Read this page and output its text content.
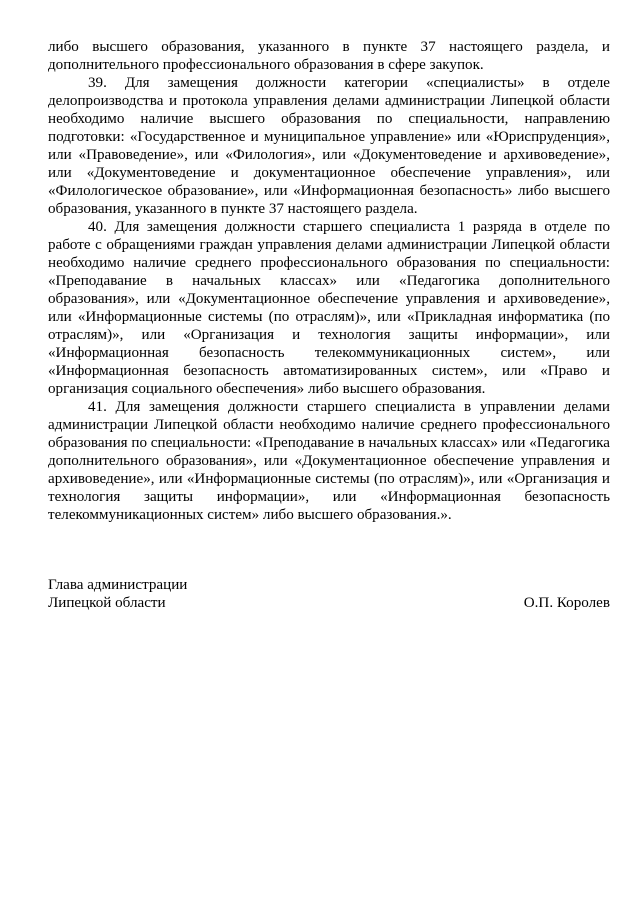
либо высшего образования, указанного в пункте 37 настоящего раздела, и дополнительного профессионального образования в сфере закупок.

39. Для замещения должности категории «специалисты» в отделе делопроизводства и протокола управления делами администрации Липецкой области необходимо наличие высшего образования по специальности, направлению подготовки: «Государственное и муниципальное управление» или «Юриспруденция», или «Правоведение», или «Филология», или «Документоведение и архивоведение», или «Документоведение и документационное обеспечение управления», или «Филологическое образование», или «Информационная безопасность» либо высшего образования, указанного в пункте 37 настоящего раздела.

40. Для замещения должности старшего специалиста 1 разряда в отделе по работе с обращениями граждан управления делами администрации Липецкой области необходимо наличие среднего профессионального образования по специальности: «Преподавание в начальных классах» или «Педагогика дополнительного образования», или «Документационное обеспечение управления и архивоведение», или «Информационные системы (по отраслям)», или «Прикладная информатика (по отраслям)», или «Организация и технология защиты информации», или «Информационная безопасность телекоммуникационных систем», или «Информационная безопасность автоматизированных систем», или «Право и организация социального обеспечения» либо высшего образования.

41. Для замещения должности старшего специалиста в управлении делами администрации Липецкой области необходимо наличие среднего профессионального образования по специальности: «Преподавание в начальных классах» или «Педагогика дополнительного образования», или «Документационное обеспечение управления и архивоведение», или «Информационные системы (по отраслям)», или «Организация и технология защиты информации», или «Информационная безопасность телекоммуникационных систем» либо высшего образования.».

Глава администрации
Липецкой области	О.П. Королев
